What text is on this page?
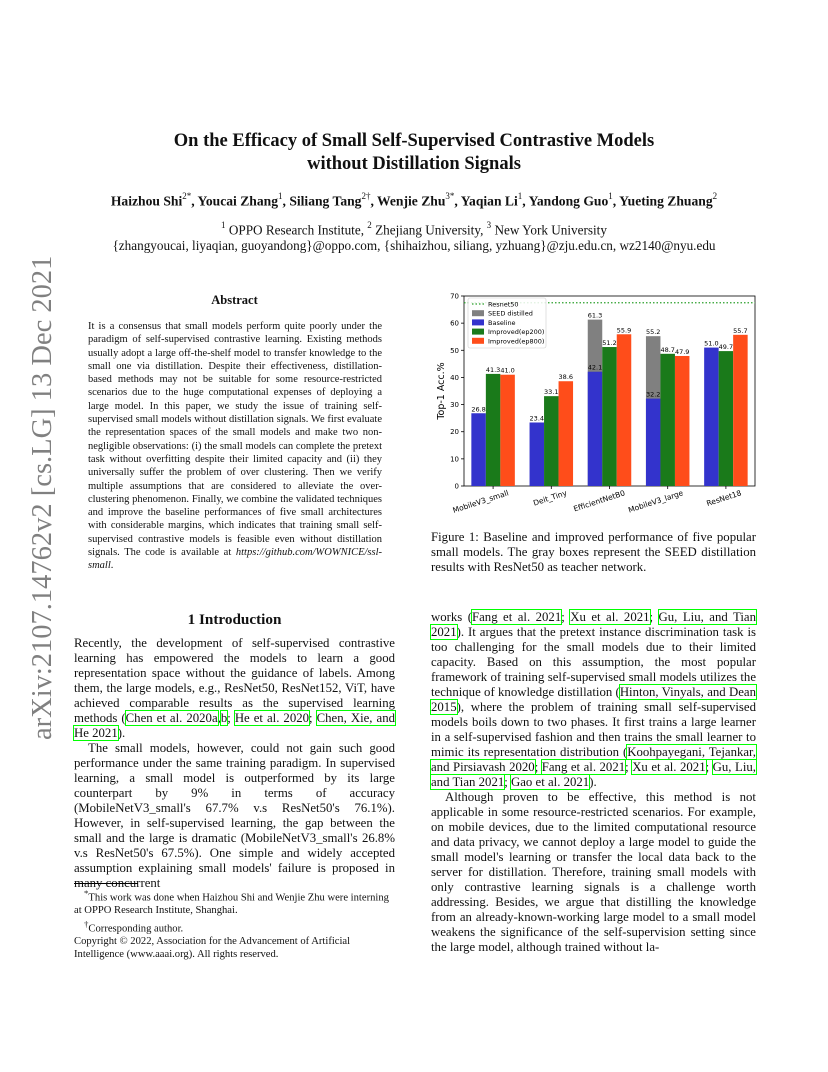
arXiv:2107.14762v2 [cs.LG] 13 Dec 2021
On the Efficacy of Small Self-Supervised Contrastive Models
without Distillation Signals
Haizhou Shi$^{2*}$, Youcai Zhang$^1$, Siliang Tang$^{2\dagger}$, Wenjie Zhu$^{3*}$, Yaqian Li$^1$, Yandong Guo$^1$, Yueting Zhuang$^2$
$^1$ OPPO Research Institute, $^2$ Zhejiang University, $^3$ New York University
{zhangyoucai, liyaqian, guoyandong}@oppo.com, {shihaizhou, siliang, yzhuang}@zju.edu.cn, wz2140@nyu.edu
Abstract
It is a consensus that small models perform quite poorly under the paradigm of self-supervised contrastive learning. Existing methods usually adopt a large off-the-shelf model to transfer knowledge to the small one via distillation. Despite their effectiveness, distillation-based methods may not be suitable for some resource-restricted scenarios due to the huge computational expenses of deploying a large model. In this paper, we study the issue of training self-supervised small models without distillation signals. We first evaluate the representation spaces of the small models and make two non-negligible observations: (i) the small models can complete the pretext task without overfitting despite their limited capacity and (ii) they universally suffer the problem of over clustering. Then we verify multiple assumptions that are considered to alleviate the over-clustering phenomenon. Finally, we combine the validated techniques and improve the baseline performances of five small architectures with considerable margins, which indicates that training small self-supervised contrastive models is feasible even without distillation signals. The code is available at https://github.com/WOWNICE/ssl-small.
1 Introduction

Recently, the development of self-supervised contrastive learning has empowered the models to learn a good representation space without the guidance of labels. Among them, the large models, e.g., ResNet50, ResNet152, ViT, have achieved comparable results as the supervised learning methods (Chen et al. 2020a,b; He et al. 2020; Chen, Xie, and He 2021).

The small models, however, could not gain such good performance under the same training paradigm. In supervised learning, a small model is outperformed by its large counterpart by 9% in terms of accuracy (MobileNetV3_small's 67.7% v.s ResNet50's 76.1%). However, in self-supervised learning, the gap between the small and the large is dramatic (MobileNetV3_small's 26.8% v.s ResNet50's 67.5%). One simple and widely accepted assumption explaining small models' failure is proposed in many concurrent

*This work was done when Haizhou Shi and Wenjie Zhu were interning at OPPO Research Institute, Shanghai.

†Corresponding author.

Copyright © 2022, Association for the Advancement of Artificial Intelligence (www.aaai.org). All rights reserved.

0
10
20
30
40
50
60
70
Top-1 Acc.%
MobileV3_small	Deit_Tiny EfficientNetB0 MobileV3_large	ResNet18
26.8
23.4
61.3
42.1
55.2
32.2
51.0
41.3
33.1
51.2
48.7	49.7
41.0
38.6
55.9
47.9
55.7
Resnet50
SEED distilled
Baseline
Improved(ep200)
Improved(ep800)
Figure 1: Baseline and improved performance of five popular small models. The gray boxes represent the SEED distillation results with ResNet50 as teacher network.

works (Fang et al. 2021; Xu et al. 2021; Gu, Liu, and Tian 2021). It argues that the pretext instance discrimination task is too challenging for the small models due to their limited capacity. Based on this assumption, the most popular framework of training self-supervised small models utilizes the technique of knowledge distillation (Hinton, Vinyals, and Dean 2015), where the problem of training small self-supervised models boils down to two phases. It first trains a large learner in a self-supervised fashion and then trains the small learner to mimic its representation distribution (Koohpayegani, Tejankar, and Pirsiavash 2020; Fang et al. 2021; Xu et al. 2021; Gu, Liu, and Tian 2021; Gao et al. 2021).

Although proven to be effective, this method is not applicable in some resource-restricted scenarios. For example, on mobile devices, due to the limited computational resource and data privacy, we cannot deploy a large model to guide the small model's learning or transfer the local data back to the server for distillation. Therefore, training small models with only contrastive learning signals is a challenge worth addressing. Besides, we argue that distilling the knowledge from an already-known-working large model to a small model weakens the significance of the self-supervision setting since the large model, although trained without la-
